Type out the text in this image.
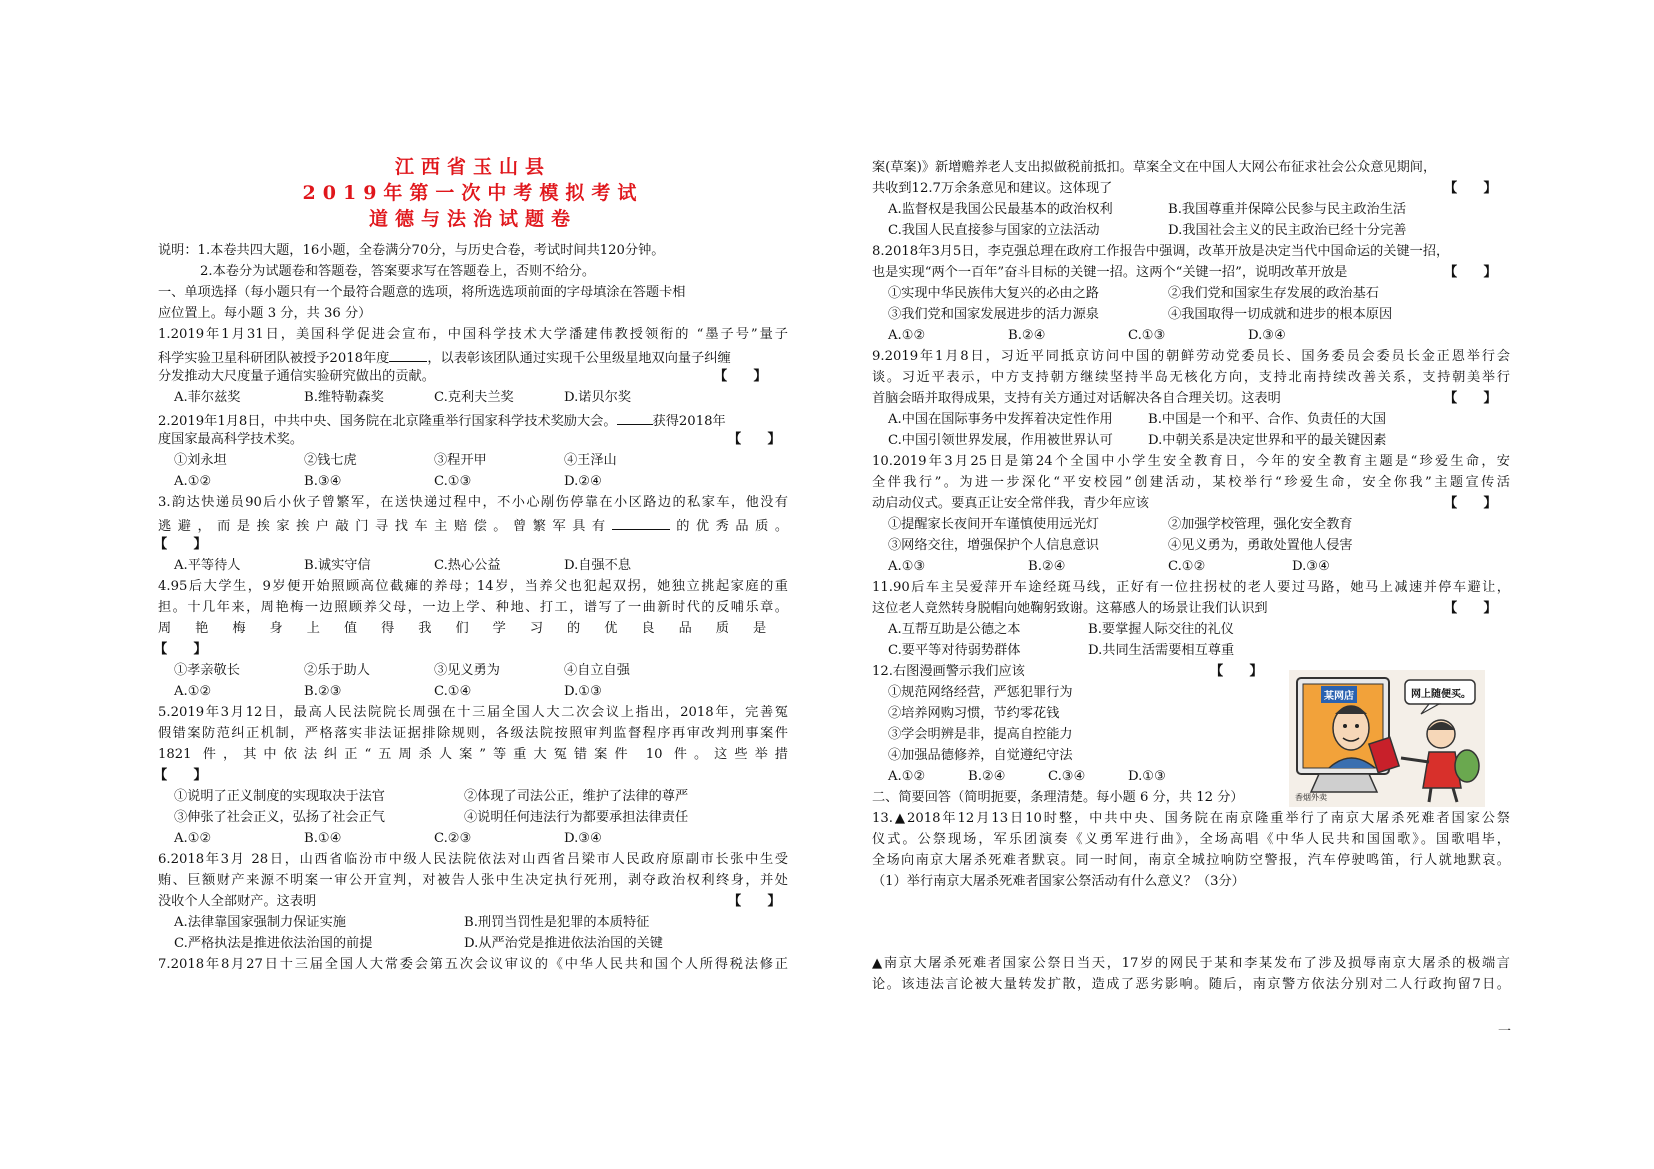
江西省玉山县
2019年第一次中考模拟考试
道德与法治试题卷
说明：1.本卷共四大题，16小题，全卷满分70分，与历史合卷，考试时间共120分钟。
2.本卷分为试题卷和答题卷，答案要求写在答题卷上，否则不给分。
一、单项选择（每小题只有一个最符合题意的选项，将所选选项前面的字母填涂在答题卡相
应位置上。每小题 3 分，共 36 分）
1.2019年1月31日，美国科学促进会宣布，中国科学技术大学潘建伟教授领衔的 “墨子号”量子
科学实验卫星科研团队被授予2018年度	，以表彰该团队通过实现千公里级星地双向量子纠缠
分发推动大尺度量子通信实验研究做出的贡献。	【　　】
A.菲尔兹奖	B.维特勒森奖	C.克利夫兰奖	D.诺贝尔奖
2.2019年1月8日，中共中央、国务院在北京隆重举行国家科学技术奖励大会。	获得2018年
度国家最高科学技术奖。	【　　】
①刘永坦	②钱七虎	③程开甲	④王泽山
A.①②	B.③④	C.①③	D.②④
3.韵达快递员90后小伙子曾繁军，在送快递过程中，不小心剐伤停靠在小区路边的私家车，他没有
逃避，而是挨家挨户敲门寻找车主赔偿。曾繁军具有	的优秀品质。
【　　】
A.平等待人	B.诚实守信	C.热心公益	D.自强不息
4.95后大学生，9岁便开始照顾高位截瘫的养母；14岁，当养父也犯起双拐，她独立挑起家庭的重
担。十几年来，周艳梅一边照顾养父母，一边上学、种地、打工，谱写了一曲新时代的反哺乐章。
周艳梅身上值得我们学习的优良品质是
【　　】
①孝亲敬长	②乐于助人	③见义勇为	④自立自强
A.①②	B.②③	C.①④	D.①③
5.2019年3月12日，最高人民法院院长周强在十三届全国人大二次会议上指出，2018年，完善冤
假错案防范纠正机制，严格落实非法证据排除规则，各级法院按照审判监督程序再审改判刑事案件
1821 件，其中依法纠正“五周杀人案”等重大冤错案件 10 件。这些举措
【　　】
①说明了正义制度的实现取决于法官	②体现了司法公正，维护了法律的尊严
③伸张了社会正义，弘扬了社会正气	④说明任何违法行为都要承担法律责任
A.①②	B.①④	C.②③	D.③④
6.2018年3月 28日，山西省临汾市中级人民法院依法对山西省吕梁市人民政府原副市长张中生受
贿、巨额财产来源不明案一审公开宣判，对被告人张中生决定执行死刑，剥夺政治权利终身，并处
没收个人全部财产。这表明	【　　】
A.法律靠国家强制力保证实施	B.刑罚当罚性是犯罪的本质特征
C.严格执法是推进依法治国的前提	D.从严治党是推进依法治国的关键
7.2018年8月27日十三届全国人大常委会第五次会议审议的《中华人民共和国个人所得税法修正
案(草案)》新增赡养老人支出拟做税前抵扣。草案全文在中国人大网公布征求社会公众意见期间，
共收到12.7万余条意见和建议。这体现了	【　　】
A.监督权是我国公民最基本的政治权利	B.我国尊重并保障公民参与民主政治生活
C.我国人民直接参与国家的立法活动	D.我国社会主义的民主政治已经十分完善
8.2018年3月5日，李克强总理在政府工作报告中强调，改革开放是决定当代中国命运的关键一招，
也是实现“两个一百年”奋斗目标的关键一招。这两个“关键一招”，说明改革开放是	【　　】
①实现中华民族伟大复兴的必由之路	②我们党和国家生存发展的政治基石
③我们党和国家发展进步的活力源泉	④我国取得一切成就和进步的根本原因
A.①②	B.②④	C.①③	D.③④
9.2019年1月8日，习近平同抵京访问中国的朝鲜劳动党委员长、国务委员会委员长金正恩举行会
谈。习近平表示，中方支持朝方继续坚持半岛无核化方向，支持北南持续改善关系，支持朝美举行
首脑会晤并取得成果，支持有关方通过对话解决各自合理关切。这表明	【　　】
A.中国在国际事务中发挥着决定性作用	B.中国是一个和平、合作、负责任的大国
C.中国引领世界发展，作用被世界认可	D.中朝关系是决定世界和平的最关键因素
10.2019年3月25日是第24个全国中小学生安全教育日，今年的安全教育主题是“珍爱生命，安
全伴我行”。为进一步深化“平安校园”创建活动，某校举行“珍爱生命，安全你我”主题宣传活
动启动仪式。要真正让安全常伴我，青少年应该	【　　】
①提醒家长夜间开车谨慎使用远光灯	②加强学校管理，强化安全教育
③网络交往，增强保护个人信息意识	④见义勇为，勇敢处置他人侵害
A.①③	B.②④	C.①②	D.③④
11.90后车主吴爱萍开车途经斑马线，正好有一位拄拐杖的老人要过马路，她马上减速并停车避让，
这位老人竟然转身脱帽向她鞠躬致谢。这幕感人的场景让我们认识到	【　　】
A.互帮互助是公德之本	B.要掌握人际交往的礼仪
C.要平等对待弱势群体	D.共同生活需要相互尊重
12.右图漫画警示我们应该	【　　】
①规范网络经营，严惩犯罪行为
②培养网购习惯，节约零花钱
③学会明辨是非，提高自控能力
④加强品德修养，自觉遵纪守法
A.①②	B.②④	C.③④	D.①③
二、简要回答（简明扼要，条理清楚。每小题 6 分，共 12 分）
13.▲2018年12月13日10时整，中共中央、国务院在南京隆重举行了南京大屠杀死难者国家公祭
仪式。公祭现场，军乐团演奏《义勇军进行曲》，全场高唱《中华人民共和国国歌》。国歌唱毕，
全场向南京大屠杀死难者默哀。同一时间，南京全城拉响防空警报，汽车停驶鸣笛，行人就地默哀。
（1）举行南京大屠杀死难者国家公祭活动有什么意义？（3分）
▲南京大屠杀死难者国家公祭日当天，17岁的网民于某和李某发布了涉及损辱南京大屠杀的极端言
论。该违法言论被大量转发扩散，造成了恶劣影响。随后，南京警方依法分别对二人行政拘留7日。
某网店	网上随便买。
香烟外卖
一
